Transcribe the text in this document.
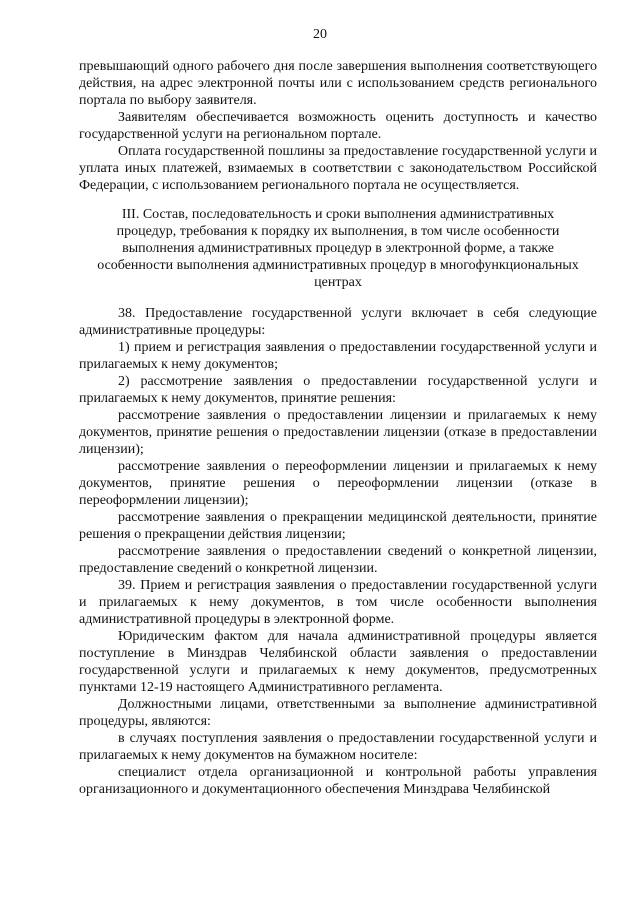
20

превышающий одного рабочего дня после завершения выполнения соответствующего действия, на адрес электронной почты или с использованием средств регионального портала по выбору заявителя.

Заявителям обеспечивается возможность оценить доступность и качество государственной услуги на региональном портале.

Оплата государственной пошлины за предоставление государственной услуги и уплата иных платежей, взимаемых в соответствии с законодательством Российской Федерации, с использованием регионального портала не осуществляется.

III. Состав, последовательность и сроки выполнения административных процедур, требования к порядку их выполнения, в том числе особенности выполнения административных процедур в электронной форме, а также особенности выполнения административных процедур в многофункциональных центрах

38. Предоставление государственной услуги включает в себя следующие административные процедуры:

1) прием и регистрация заявления о предоставлении государственной услуги и прилагаемых к нему документов;

2) рассмотрение заявления о предоставлении государственной услуги и прилагаемых к нему документов, принятие решения:

рассмотрение заявления о предоставлении лицензии и прилагаемых к нему документов, принятие решения о предоставлении лицензии (отказе в предоставлении лицензии);

рассмотрение заявления о переоформлении лицензии и прилагаемых к нему документов, принятие решения о переоформлении лицензии (отказе в переоформлении лицензии);

рассмотрение заявления о прекращении медицинской деятельности, принятие решения о прекращении действия лицензии;

рассмотрение заявления о предоставлении сведений о конкретной лицензии, предоставление сведений о конкретной лицензии.

39. Прием и регистрация заявления о предоставлении государственной услуги и прилагаемых к нему документов, в том числе особенности выполнения административной процедуры в электронной форме.

Юридическим фактом для начала административной процедуры является поступление в Минздрав Челябинской области заявления о предоставлении государственной услуги и прилагаемых к нему документов, предусмотренных пунктами 12-19 настоящего Административного регламента.

Должностными лицами, ответственными за выполнение административной процедуры, являются:

в случаях поступления заявления о предоставлении государственной услуги и прилагаемых к нему документов на бумажном носителе:

специалист отдела организационной и контрольной работы управления организационного и документационного обеспечения Минздрава Челябинской
